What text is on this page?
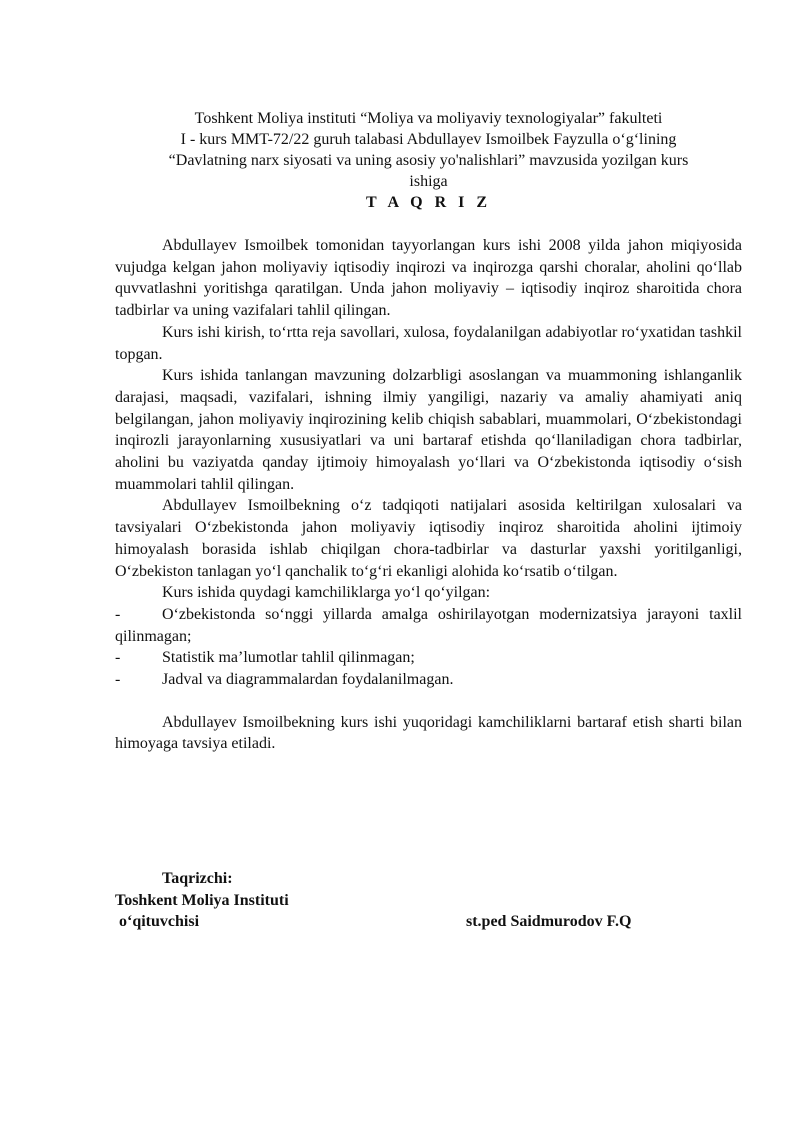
Toshkent Moliya instituti “Moliya va moliyaviy texnologiyalar” fakulteti
I - kurs MMT-72/22 guruh talabasi Abdullayev Ismoilbek Fayzulla oʻgʻlining
“Davlatning narx siyosati va uning asosiy yo'nalishlari” mavzusida yozilgan kurs
ishiga
T A Q R I Z

Abdullayev Ismoilbek tomonidan tayyorlangan kurs ishi 2008 yilda jahon miqiyosida vujudga kelgan jahon moliyaviy iqtisodiy inqirozi va inqirozga qarshi choralar, aholini qoʻllab quvvatlashni yoritishga qaratilgan. Unda jahon moliyaviy – iqtisodiy inqiroz sharoitida chora tadbirlar va uning vazifalari tahlil qilingan.

Kurs ishi kirish, toʻrtta reja savollari, xulosa, foydalanilgan adabiyotlar roʻyxatidan tashkil topgan.

Kurs ishida tanlangan mavzuning dolzarbligi asoslangan va muammoning ishlanganlik darajasi, maqsadi, vazifalari, ishning ilmiy yangiligi, nazariy va amaliy ahamiyati aniq belgilangan, jahon moliyaviy inqirozining kelib chiqish sabablari, muammolari, Oʻzbekistondagi inqirozli jarayonlarning xususiyatlari va uni bartaraf etishda qoʻllaniladigan chora tadbirlar, aholini bu vaziyatda qanday ijtimoiy himoyalash yoʻllari va Oʻzbekistonda iqtisodiy oʻsish muammolari tahlil qilingan.

Abdullayev Ismoilbekning oʻz tadqiqoti natijalari asosida keltirilgan xulosalari va tavsiyalari Oʻzbekistonda jahon moliyaviy iqtisodiy inqiroz sharoitida aholini ijtimoiy himoyalash borasida ishlab chiqilgan chora-tadbirlar va dasturlar yaxshi yoritilganligi, Oʻzbekiston tanlagan yoʻl qanchalik toʻgʻri ekanligi alohida koʻrsatib oʻtilgan.

Kurs ishida quydagi kamchiliklarga yoʻl qoʻyilgan:

-	Oʻzbekistonda soʻnggi yillarda amalga oshirilayotgan modernizatsiya jarayoni taxlil qilinmagan;
-	Statistik maʼlumotlar tahlil qilinmagan;
-	Jadval va diagrammalardan foydalanilmagan.

Abdullayev Ismoilbekning kurs ishi yuqoridagi kamchiliklarni bartaraf etish sharti bilan himoyaga tavsiya etiladi.

Taqrizchi:
Toshkent Moliya Instituti
oʻqituvchisi	st.ped Saidmurodov F.Q
